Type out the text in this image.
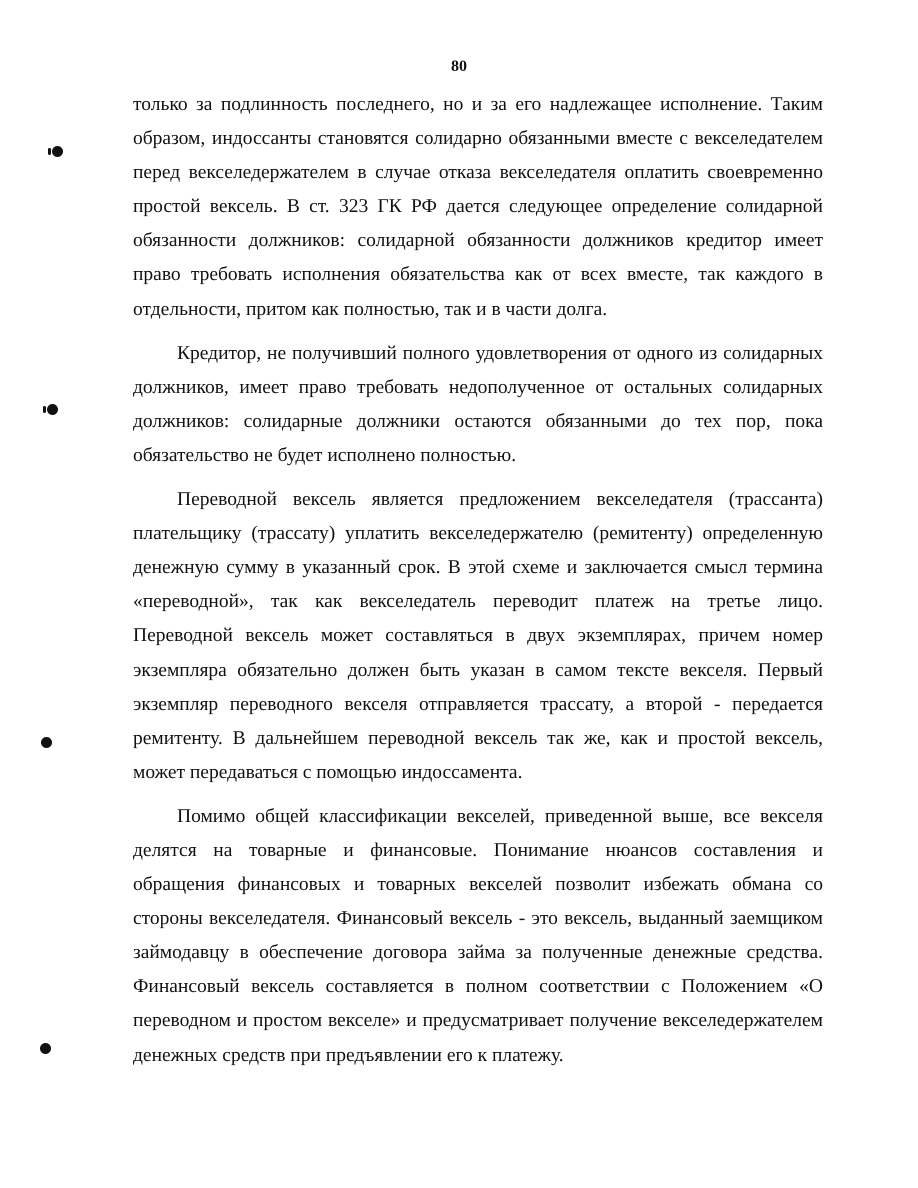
80

только за подлинность последнего, но и за его надлежащее исполнение. Таким образом, индоссанты становятся солидарно обязанными вместе с векселедателем перед векселедержателем в случае отказа векселедателя оплатить своевременно простой вексель. В ст. 323 ГК РФ дается следующее определение солидарной обязанности должников: солидарной обязанности должников кредитор имеет право требовать исполнения обязательства как от всех вместе, так каждого в отдельности, притом как полностью, так и в части долга.

Кредитор, не получивший полного удовлетворения от одного из солидарных должников, имеет право требовать недополученное от остальных солидарных должников: солидарные должники остаются обязанными до тех пор, пока обязательство не будет исполнено полностью.

Переводной вексель является предложением векселедателя (трассанта) плательщику (трассату) уплатить векселедержателю (ремитенту) определенную денежную сумму в указанный срок. В этой схеме и заключается смысл термина «переводной», так как векселедатель переводит платеж на третье лицо. Переводной вексель может составляться в двух экземплярах, причем номер экземпляра обязательно должен быть указан в самом тексте векселя. Первый экземпляр переводного векселя отправляется трассату, а второй - передается ремитенту. В дальнейшем переводной вексель так же, как и простой вексель, может передаваться с помощью индоссамента.

Помимо общей классификации векселей, приведенной выше, все векселя делятся на товарные и финансовые. Понимание нюансов составления и обращения финансовых и товарных векселей позволит избежать обмана со стороны векселедателя. Финансовый вексель - это вексель, выданный заемщиком займодавцу в обеспечение договора займа за полученные денежные средства. Финансовый вексель составляется в полном соответствии с Положением «О переводном и простом векселе» и предусматривает получение векселедержателем денежных средств при предъявлении его к платежу.
